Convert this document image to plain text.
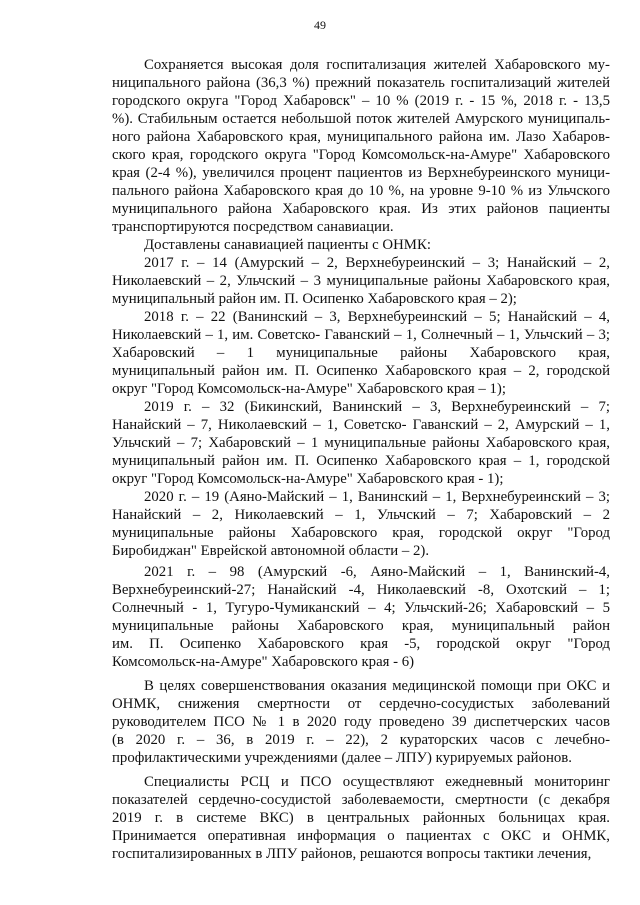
49
Сохраняется высокая доля госпитализация жителей Хабаровского му-
ниципального района (36,3 %) прежний показатель госпитализаций жителей
городского округа "Город Хабаровск" – 10 % (2019 г. - 15 %, 2018 г. - 13,5
%). Стабильным остается небольшой поток жителей Амурского муниципаль-
ного района Хабаровского края, муниципального района им. Лазо Хабаров-
ского края, городского округа "Город Комсомольск-на-Амуре" Хабаровского
края (2-4 %), увеличился процент пациентов из Верхнебуреинского муници-
пального района Хабаровского края до 10 %, на уровне 9-10 % из Ульчского
муниципального района Хабаровского края. Из этих районов пациенты
транспортируются посредством санавиации.
Доставлены санавиацией пациенты с ОНМК:
2017 г. – 14 (Амурский – 2, Верхнебуреинский – 3; Нанайский – 2,
Николаевский – 2, Ульчский – 3 муниципальные районы Хабаровского края,
муниципальный район им. П. Осипенко Хабаровского края – 2);
2018 г. – 22 (Ванинский – 3, Верхнебуреинский – 5; Нанайский – 4,
Николаевский – 1, им. Советско- Гаванский – 1, Солнечный – 1, Ульчский – 3;
Хабаровский – 1 муниципальные районы Хабаровского края,
муниципальный район им. П. Осипенко Хабаровского края – 2, городской
округ "Город Комсомольск-на-Амуре" Хабаровского края – 1);
2019 г. – 32 (Бикинский, Ванинский – 3, Верхнебуреинский – 7;
Нанайский – 7, Николаевский – 1, Советско- Гаванский – 2, Амурский – 1,
Ульчский – 7; Хабаровский – 1 муниципальные районы Хабаровского края,
муниципальный район им. П. Осипенко Хабаровского края – 1, городской
округ "Город Комсомольск-на-Амуре" Хабаровского края - 1);
2020 г. – 19 (Аяно-Майский – 1, Ванинский – 1, Верхнебуреинский – 3;
Нанайский – 2, Николаевский – 1, Ульчский – 7; Хабаровский – 2
муниципальные районы Хабаровского края, городской округ "Город
Биробиджан" Еврейской автономной области – 2).
2021 г. – 98 (Амурский -6, Аяно-Майский – 1, Ванинский-4,
Верхнебуреинский-27; Нанайский -4, Николаевский -8, Охотский – 1;
Солнечный - 1, Тугуро-Чумиканский – 4; Ульчский-26; Хабаровский – 5
муниципальные районы Хабаровского края, муниципальный район
им. П. Осипенко Хабаровского края -5, городской округ "Город
Комсомольск-на-Амуре" Хабаровского края - 6)
В целях совершенствования оказания медицинской помощи при ОКС и
ОНМК, снижения смертности от сердечно-сосудистых заболеваний
руководителем ПСО № 1 в 2020 году проведено 39 диспетчерских часов
(в 2020 г. – 36, в 2019 г. – 22), 2 кураторских часов с лечебно-
профилактическими учреждениями (далее – ЛПУ) курируемых районов.
Специалисты РСЦ и ПСО осуществляют ежедневный мониторинг
показателей сердечно-сосудистой заболеваемости, смертности (с декабря
2019 г. в системе ВКС) в центральных районных больницах края.
Принимается оперативная информация о пациентах с ОКС и ОНМК,
госпитализированных в ЛПУ районов, решаются вопросы тактики лечения,
